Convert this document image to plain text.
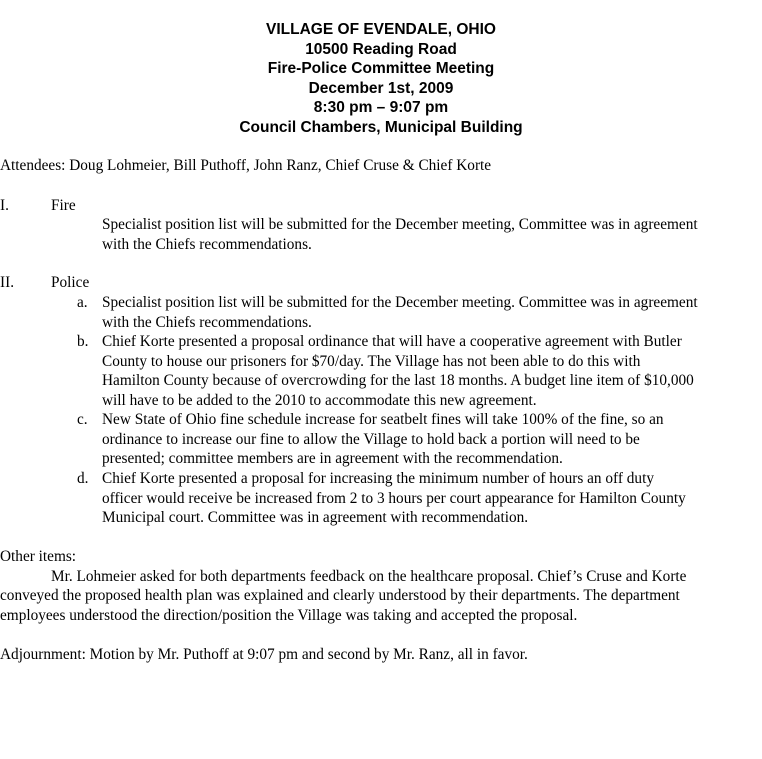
VILLAGE OF EVENDALE, OHIO
10500 Reading Road
Fire-Police Committee Meeting
December 1st, 2009
8:30 pm – 9:07 pm
Council Chambers, Municipal Building
Attendees: Doug Lohmeier, Bill Puthoff, John Ranz, Chief Cruse & Chief Korte
I.	Fire
Specialist position list will be submitted for the December meeting, Committee was in agreement
with the Chiefs recommendations.
II. Police
a. Specialist position list will be submitted for the December meeting. Committee was in agreement
with the Chiefs recommendations.
b. Chief Korte presented a proposal ordinance that will have a cooperative agreement with Butler
County to house our prisoners for $70/day. The Village has not been able to do this with
Hamilton County because of overcrowding for the last 18 months. A budget line item of $10,000
will have to be added to the 2010 to accommodate this new agreement.
c. New State of Ohio fine schedule increase for seatbelt fines will take 100% of the fine, so an
ordinance to increase our fine to allow the Village to hold back a portion will need to be
presented; committee members are in agreement with the recommendation.
d. Chief Korte presented a proposal for increasing the minimum number of hours an off duty
officer would receive be increased from 2 to 3 hours per court appearance for Hamilton County
Municipal court. Committee was in agreement with recommendation.
Other items:
Mr. Lohmeier asked for both departments feedback on the healthcare proposal. Chief’s Cruse and Korte
conveyed the proposed health plan was explained and clearly understood by their departments. The department
employees understood the direction/position the Village was taking and accepted the proposal.
Adjournment: Motion by Mr. Puthoff at 9:07 pm and second by Mr. Ranz, all in favor.
